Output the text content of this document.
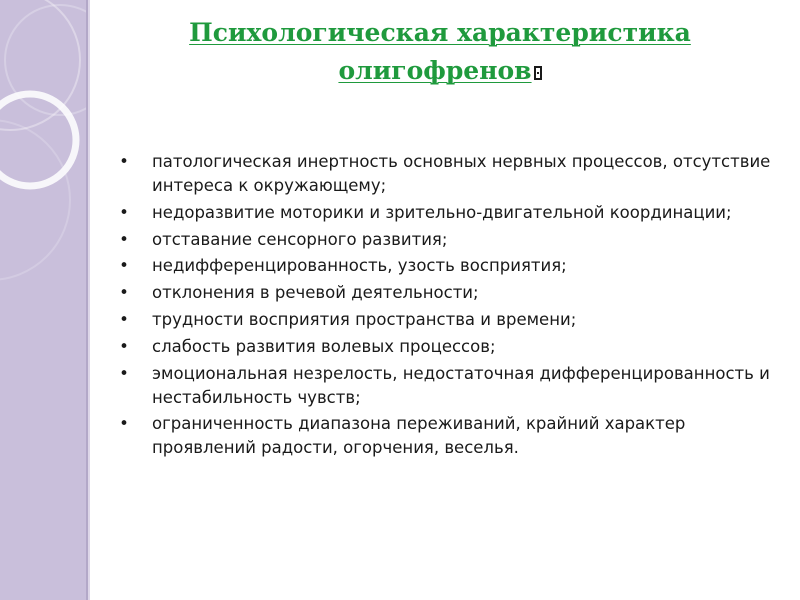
Психологическая характеристика
олигофренов
•	патологическая инертность основных нервных процессов, отсутствие интереса к окружающему;
•	недоразвитие моторики и зрительно-двигательной координации;
•	отставание сенсорного развития;
•	недифференцированность, узость восприятия;
•	отклонения в речевой деятельности;
•	трудности восприятия пространства и времени;
•	слабость развития волевых процессов;
•	эмоциональная незрелость, недостаточная дифференцированность и нестабильность чувств;
•	ограниченность диапазона переживаний, крайний характер проявлений радости, огорчения, веселья.
